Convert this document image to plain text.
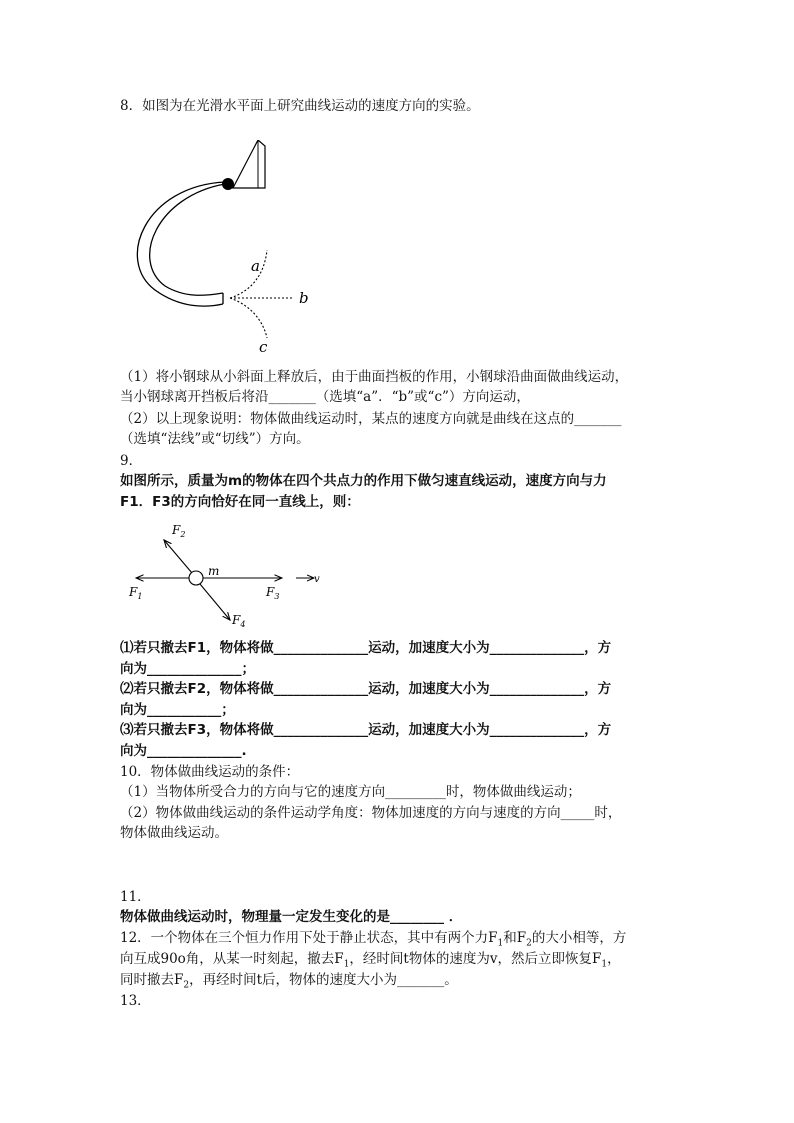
8．如图为在光滑水平面上研究曲线运动的速度方向的实验。
a
b
c
（1）将小钢球从小斜面上释放后，由于曲面挡板的作用，小钢球沿曲面做曲线运动，
当小钢球离开挡板后将沿_______（选填“a”．“b”或“c”）方向运动，
（2）以上现象说明：物体做曲线运动时，某点的速度方向就是曲线在这点的_______
（选填“法线”或“切线”）方向。
9．
如图所示，质量为m的物体在四个共点力的作用下做匀速直线运动，速度方向与力
F1．F3的方向恰好在同一直线上，则：
$F_2$
m
$F_1$	$F_3$
$F_4$
v
⑴若只撤去F1，物体将做______________运动，加速度大小为______________，方
向为______________；
⑵若只撤去F2，物体将做______________运动，加速度大小为______________，方
向为___________；
⑶若只撤去F3，物体将做______________运动，加速度大小为______________，方
向为______________.
10．物体做曲线运动的条件：
（1）当物体所受合力的方向与它的速度方向_________时，物体做曲线运动；
（2）物体做曲线运动的条件运动学角度：物体加速度的方向与速度的方向_____时，
物体做曲线运动。
11．
物体做曲线运动时，物理量一定发生变化的是________ ．
12．一个物体在三个恒力作用下处于静止状态，其中有两个力$F_1$和$F_2$的大小相等，方
向互成90o角，从某一时刻起，撤去$F_1$，经时间t物体的速度为v，然后立即恢复$F_1$，
同时撤去$F_2$，再经时间t后，物体的速度大小为_______。
13．
